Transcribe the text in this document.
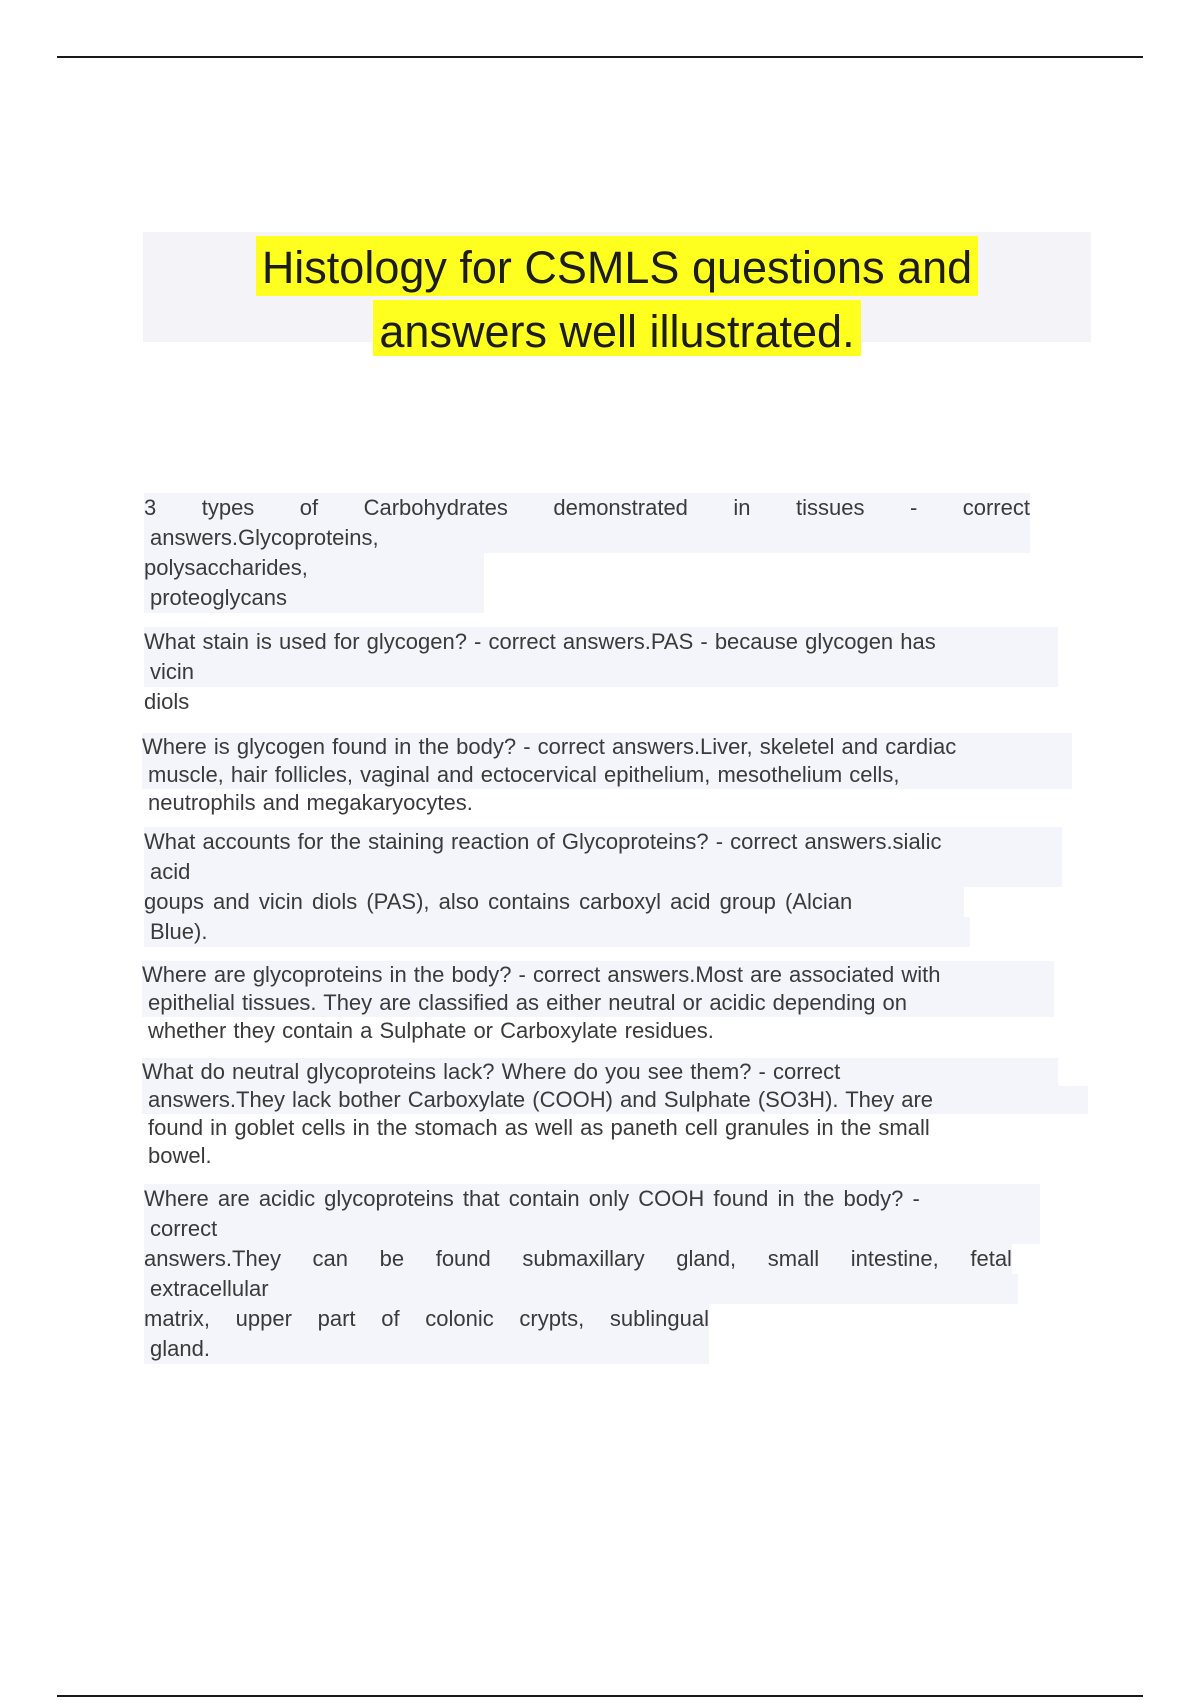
Histology for CSMLS questions and
answers well illustrated.
3 types of Carbohydrates demonstrated in tissues - correct
answers.Glycoproteins,
polysaccharides,
proteoglycans
What stain is used for glycogen? - correct answers.PAS - because glycogen has
vicin
diols
Where is glycogen found in the body? - correct answers.Liver, skeletel and cardiac
muscle, hair follicles, vaginal and ectocervical epithelium, mesothelium cells,
neutrophils and megakaryocytes.
What accounts for the staining reaction of Glycoproteins? - correct answers.sialic
acid
goups and vicin diols (PAS), also contains carboxyl acid group (Alcian
Blue).
Where are glycoproteins in the body? - correct answers.Most are associated with
epithelial tissues. They are classified as either neutral or acidic depending on
whether they contain a Sulphate or Carboxylate residues.
What do neutral glycoproteins lack? Where do you see them? - correct
answers.They lack bother Carboxylate (COOH) and Sulphate (SO3H). They are
found in goblet cells in the stomach as well as paneth cell granules in the small
bowel.
Where are acidic glycoproteins that contain only COOH found in the body? -
correct
answers.They can be found submaxillary gland, small intestine, fetal
extracellular
matrix, upper part of colonic crypts, sublingual
gland.
